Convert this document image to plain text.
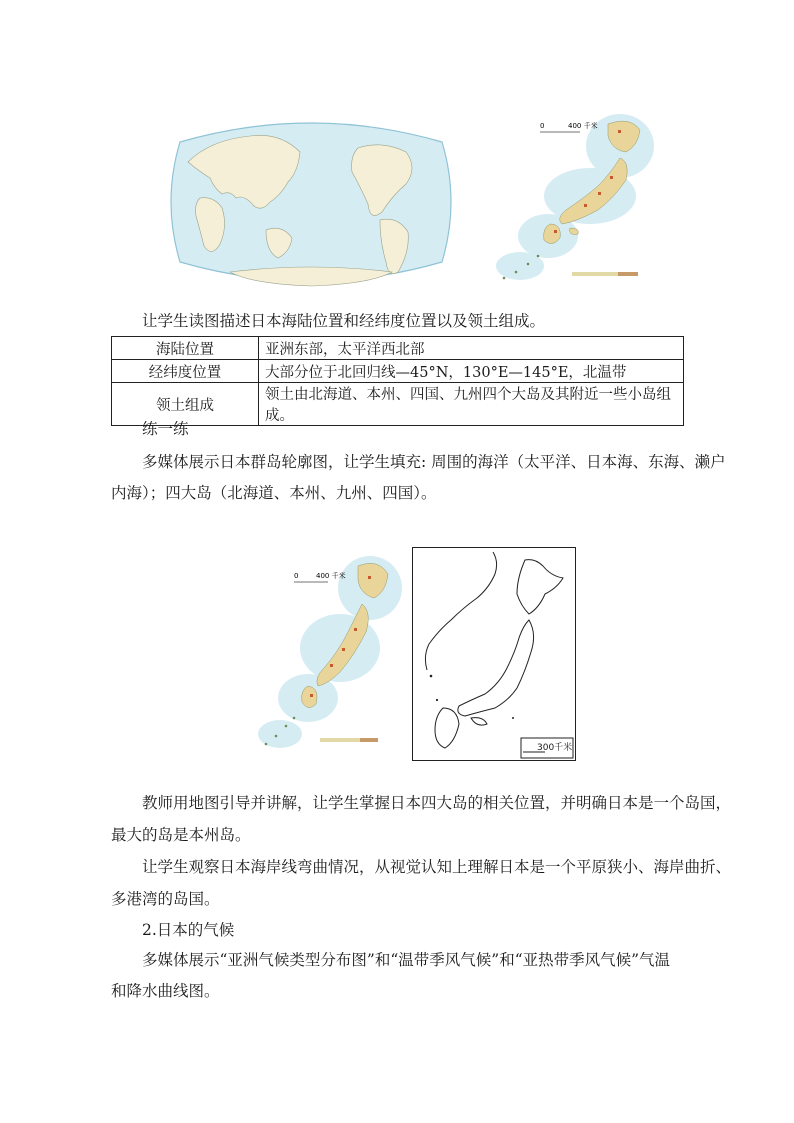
0	400 千米
让学生读图描述日本海陆位置和经纬度位置以及领土组成。
海陆位置	亚洲东部，太平洋西北部
经纬度位置	大部分位于北回归线—45°N，130°E—145°E，北温带
领土组成	领土由北海道、本州、四国、九州四个大岛及其附近一些小岛组成。
练一练
多媒体展示日本群岛轮廓图，让学生填充: 周围的海洋（太平洋、日本海、东海、濑户
内海）；四大岛（北海道、本州、九州、四国）。
0	400 千米
300千米
教师用地图引导并讲解，让学生掌握日本四大岛的相关位置，并明确日本是一个岛国，
最大的岛是本州岛。
让学生观察日本海岸线弯曲情况，从视觉认知上理解日本是一个平原狭小、海岸曲折、
多港湾的岛国。
2.日本的气候
多媒体展示“亚洲气候类型分布图”和“温带季风气候”和“亚热带季风气候”气温
和降水曲线图。
